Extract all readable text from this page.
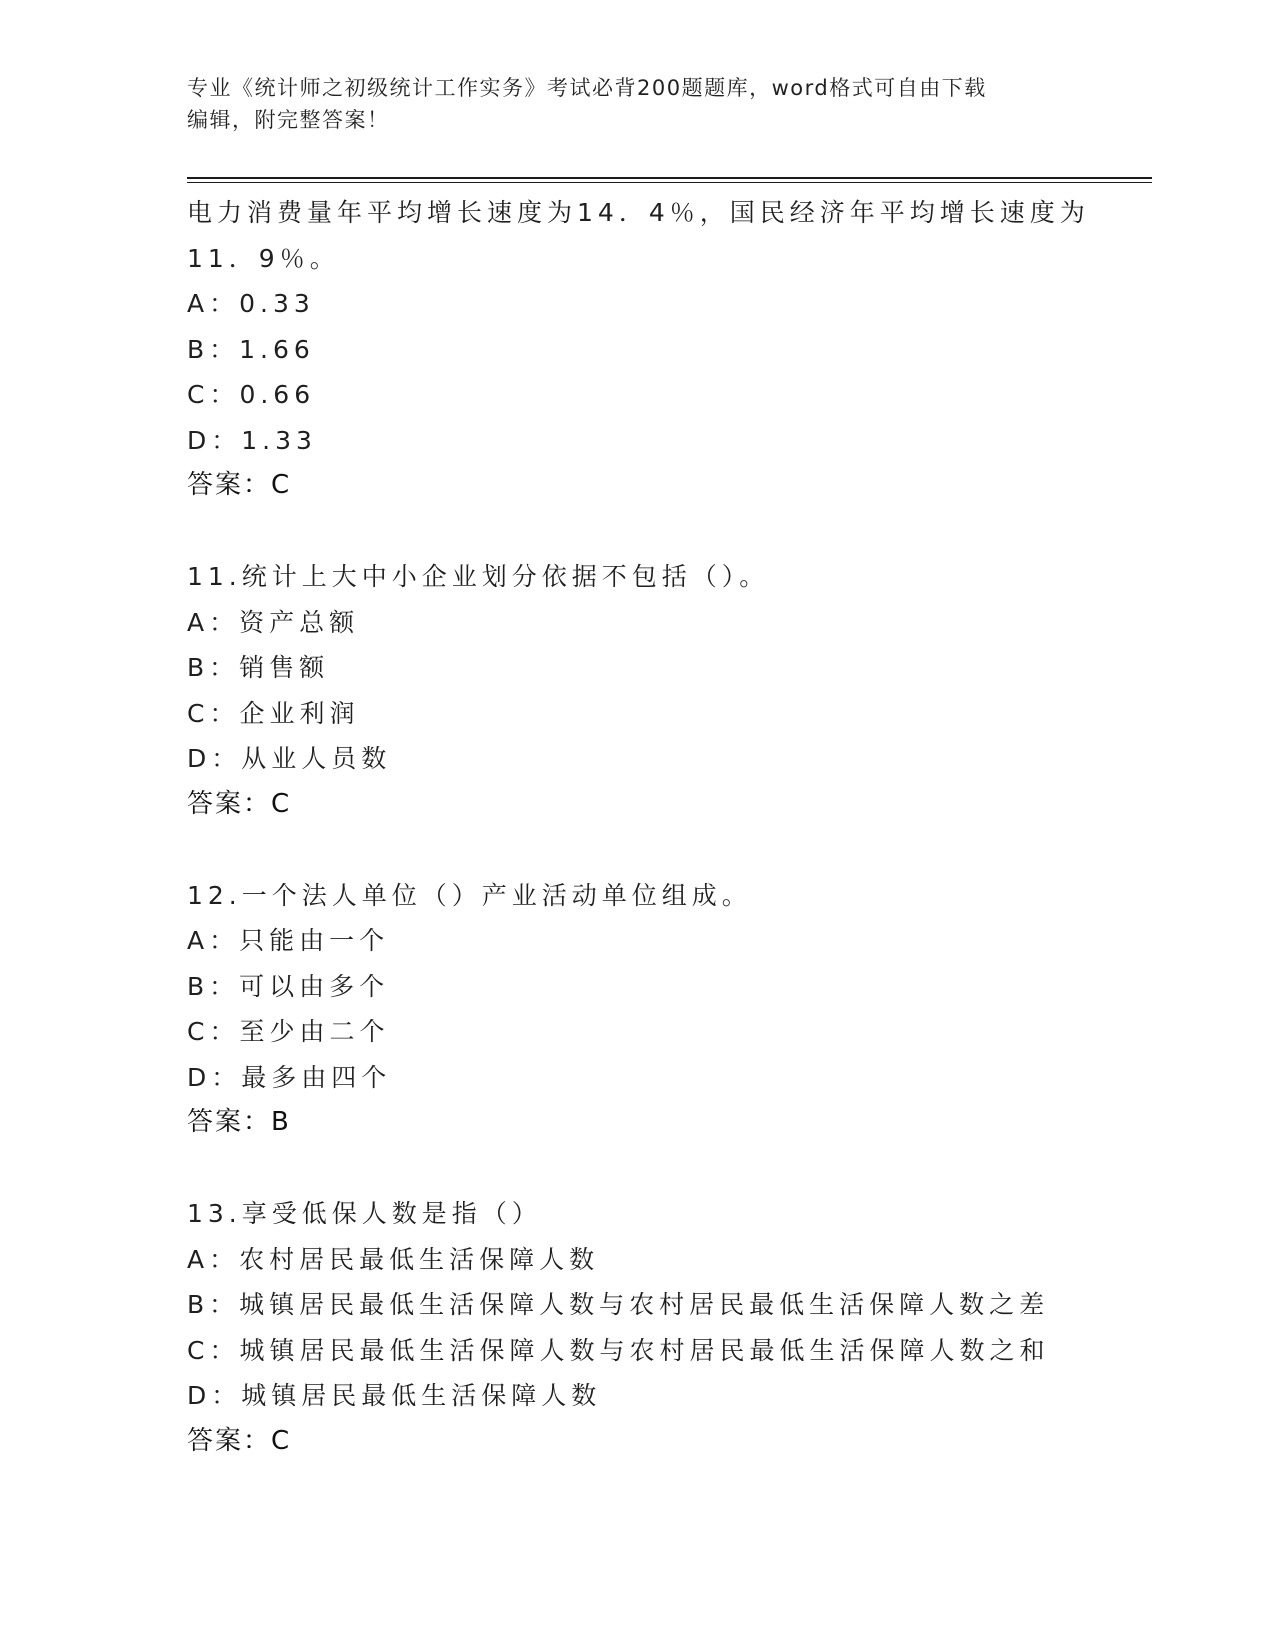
专业《统计师之初级统计工作实务》考试必背200题题库，word格式可自由下载
编辑，附完整答案！
电力消费量年平均增长速度为14．4％，国民经济年平均增长速度为
11．9％。
A：0.33
B：1.66
C：0.66
D：1.33
答案：C
11.统计上大中小企业划分依据不包括（）。
A：资产总额
B：销售额
C：企业利润
D：从业人员数
答案：C
12.一个法人单位（）产业活动单位组成。
A：只能由一个
B：可以由多个
C：至少由二个
D：最多由四个
答案：B
13.享受低保人数是指（）
A：农村居民最低生活保障人数
B：城镇居民最低生活保障人数与农村居民最低生活保障人数之差
C：城镇居民最低生活保障人数与农村居民最低生活保障人数之和
D：城镇居民最低生活保障人数
答案：C
